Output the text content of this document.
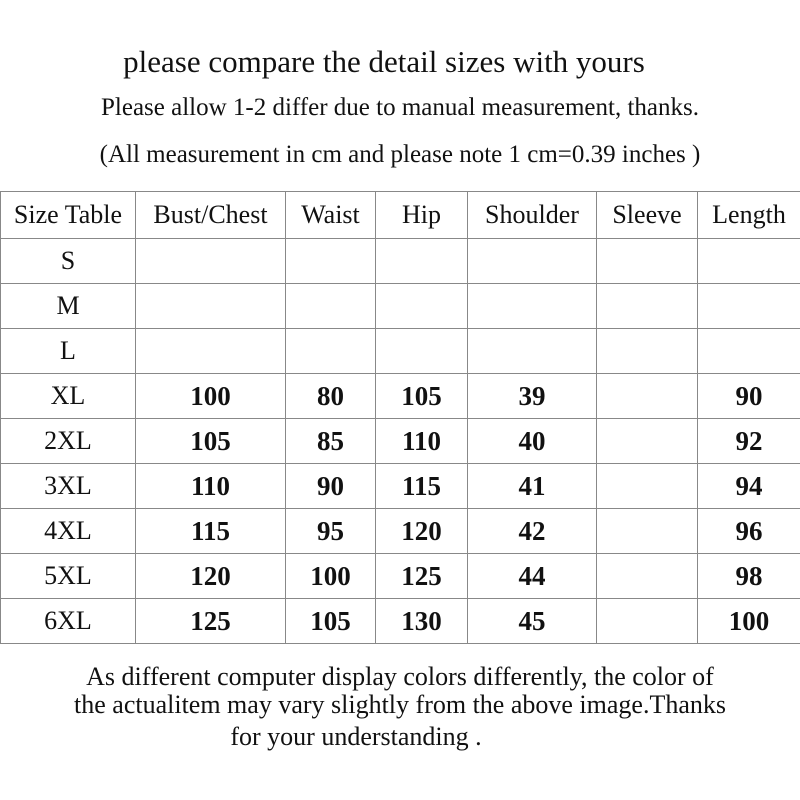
please compare the detail sizes with yours
Please allow 1-2 differ due to manual measurement, thanks.
(All measurement in cm and please note 1 cm=0.39 inches )
Size Table	Bust/Chest	Waist	Hip	Shoulder	Sleeve	Length
S						
M						
L						
XL	100	80	105	39		90
2XL	105	85	110	40		92
3XL	110	90	115	41		94
4XL	115	95	120	42		96
5XL	120	100	125	44		98
6XL	125	105	130	45		100
As different computer display colors differently, the color of
the actualitem may vary slightly from the above image.Thanks
for your understanding .
